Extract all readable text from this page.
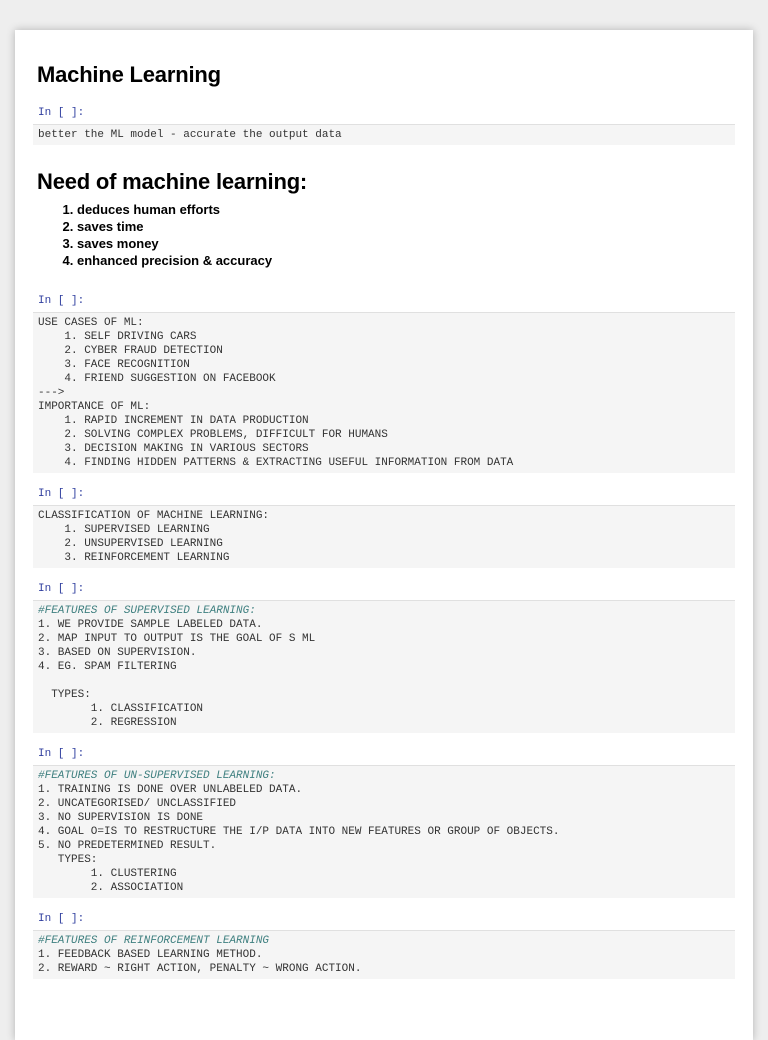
Machine Learning
In [ ]:
better the ML model - accurate the output data
Need of machine learning:
1. deduces human efforts
2. saves time
3. saves money
4. enhanced precision & accuracy
In [ ]:
USE CASES OF ML:
1. SELF DRIVING CARS
2. CYBER FRAUD DETECTION
3. FACE RECOGNITION
4. FRIEND SUGGESTION ON FACEBOOK
--->
IMPORTANCE OF ML:
1. RAPID INCREMENT IN DATA PRODUCTION
2. SOLVING COMPLEX PROBLEMS, DIFFICULT FOR HUMANS
3. DECISION MAKING IN VARIOUS SECTORS
4. FINDING HIDDEN PATTERNS & EXTRACTING USEFUL INFORMATION FROM DATA
In [ ]:
CLASSIFICATION OF MACHINE LEARNING:
1. SUPERVISED LEARNING
2. UNSUPERVISED LEARNING
3. REINFORCEMENT LEARNING
In [ ]:
#FEATURES OF SUPERVISED LEARNING:
1. WE PROVIDE SAMPLE LABELED DATA.
2. MAP INPUT TO OUTPUT IS THE GOAL OF S ML
3. BASED ON SUPERVISION.
4. EG. SPAM FILTERING
TYPES:
1. CLASSIFICATION
2. REGRESSION
In [ ]:
#FEATURES OF UN-SUPERVISED LEARNING:
1. TRAINING IS DONE OVER UNLABELED DATA.
2. UNCATEGORISED/ UNCLASSIFIED
3. NO SUPERVISION IS DONE
4. GOAL O=IS TO RESTRUCTURE THE I/P DATA INTO NEW FEATURES OR GROUP OF OBJECTS.
5. NO PREDETERMINED RESULT.
TYPES:
1. CLUSTERING
2. ASSOCIATION
In [ ]:
#FEATURES OF REINFORCEMENT LEARNING
1. FEEDBACK BASED LEARNING METHOD.
2. REWARD ~ RIGHT ACTION, PENALTY ~ WRONG ACTION.
